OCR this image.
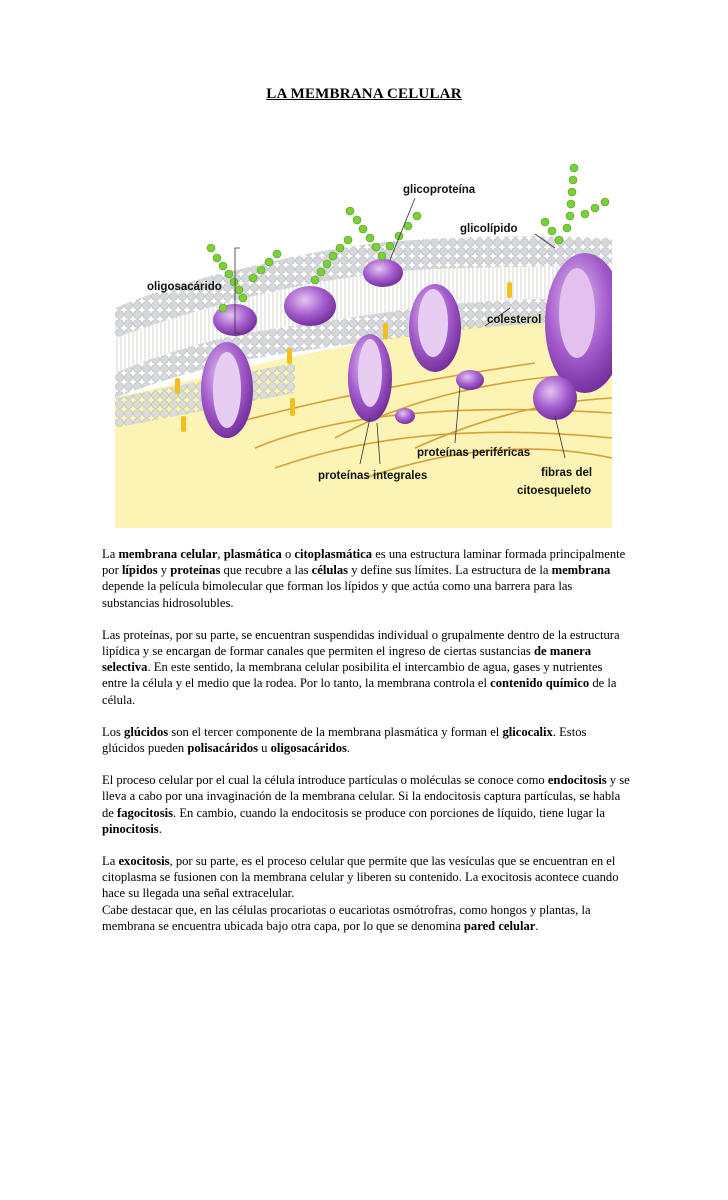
LA MEMBRANA CELULAR
glicoproteína
glicolípido
oligosacárido
colesterol
proteínas periféricas
proteínas integrales	fibras del
citoesqueleto

La membrana celular, plasmática o citoplasmática es una estructura laminar formada principalmente por lípidos y proteínas que recubre a las células y define sus límites. La estructura de la membrana depende la película bimolecular que forman los lípidos y que actúa como una barrera para las substancias hidrosolubles.

Las proteínas, por su parte, se encuentran suspendidas individual o grupalmente dentro de la estructura lipídica y se encargan de formar canales que permiten el ingreso de ciertas sustancias de manera selectiva. En este sentido, la membrana celular posibilita el intercambio de agua, gases y nutrientes entre la célula y el medio que la rodea. Por lo tanto, la membrana controla el contenido químico de la célula.

Los glúcidos son el tercer componente de la membrana plasmática y forman el glicocalix. Estos glúcidos pueden polisacáridos u oligosacáridos.

El proceso celular por el cual la célula introduce partículas o moléculas se conoce como endocitosis y se lleva a cabo por una invaginación de la membrana celular. Si la endocitosis captura partículas, se habla de fagocitosis. En cambio, cuando la endocitosis se produce con porciones de líquido, tiene lugar la pinocitosis.

La exocitosis, por su parte, es el proceso celular que permite que las vesículas que se encuentran en el citoplasma se fusionen con la membrana celular y liberen su contenido. La exocitosis acontece cuando hace su llegada una señal extracelular.

Cabe destacar que, en las células procariotas o eucariotas osmótrofras, como hongos y plantas, la membrana se encuentra ubicada bajo otra capa, por lo que se denomina pared celular.
